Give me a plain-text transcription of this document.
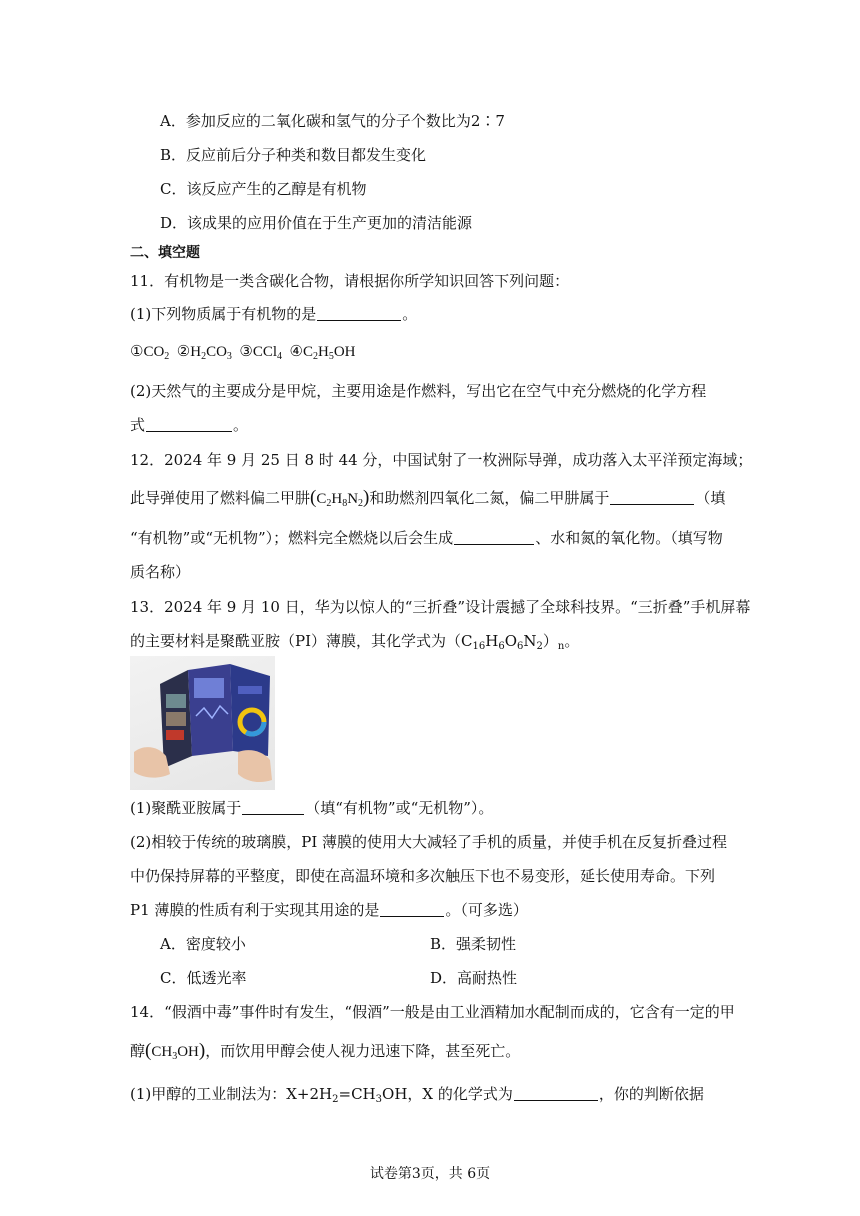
A．参加反应的二氧化碳和氢气的分子个数比为2∶7
B．反应前后分子种类和数目都发生变化
C．该反应产生的乙醇是有机物
D．该成果的应用价值在于生产更加的清洁能源
二、填空题
11．有机物是一类含碳化合物，请根据你所学知识回答下列问题：
(1)下列物质属于有机物的是	。
$①CO_2$ $②H_2CO_3$ ③CCl$_4$ $④C_2H_5OH$
(2)天然气的主要成分是甲烷，主要用途是作燃料，写出它在空气中充分燃烧的化学方程
式	。
12．2024 年 9 月 25 日 8 时 44 分，中国试射了一枚洲际导弹，成功落入太平洋预定海域；
此导弹使用了燃料偏二甲肼$(C_2H_8N_2)$和助燃剂四氧化二氮，偏二甲肼属于	（填
“有机物”或“无机物”）；燃料完全燃烧以后会生成	、水和氮的氧化物。（填写物
质名称）
13．2024 年 9 月 10 日，华为以惊人的“三折叠”设计震撼了全球科技界。“三折叠”手机屏幕
的主要材料是聚酰亚胺（PI）薄膜，其化学式为$(C_{16}H_6O_6N_2)_n$。
(1)聚酰亚胺属于	（填“有机物”或“无机物”）。
(2)相较于传统的玻璃膜，PI 薄膜的使用大大减轻了手机的质量，并使手机在反复折叠过程
中仍保持屏幕的平整度，即使在高温环境和多次触压下也不易变形，延长使用寿命。下列
P1 薄膜的性质有利于实现其用途的是	。（可多选）
A．密度较小	B．强柔韧性
C．低透光率	D．高耐热性
14．“假酒中毒”事件时有发生，“假酒”一般是由工业酒精加水配制而成的，它含有一定的甲
醇$(CH_3OH)$，而饮用甲醇会使人视力迅速下降，甚至死亡。
(1)甲醇的工业制法为：$X+2H_2=CH_3OH$，X 的化学式为	，你的判断依据
试卷第3页，共 6页
